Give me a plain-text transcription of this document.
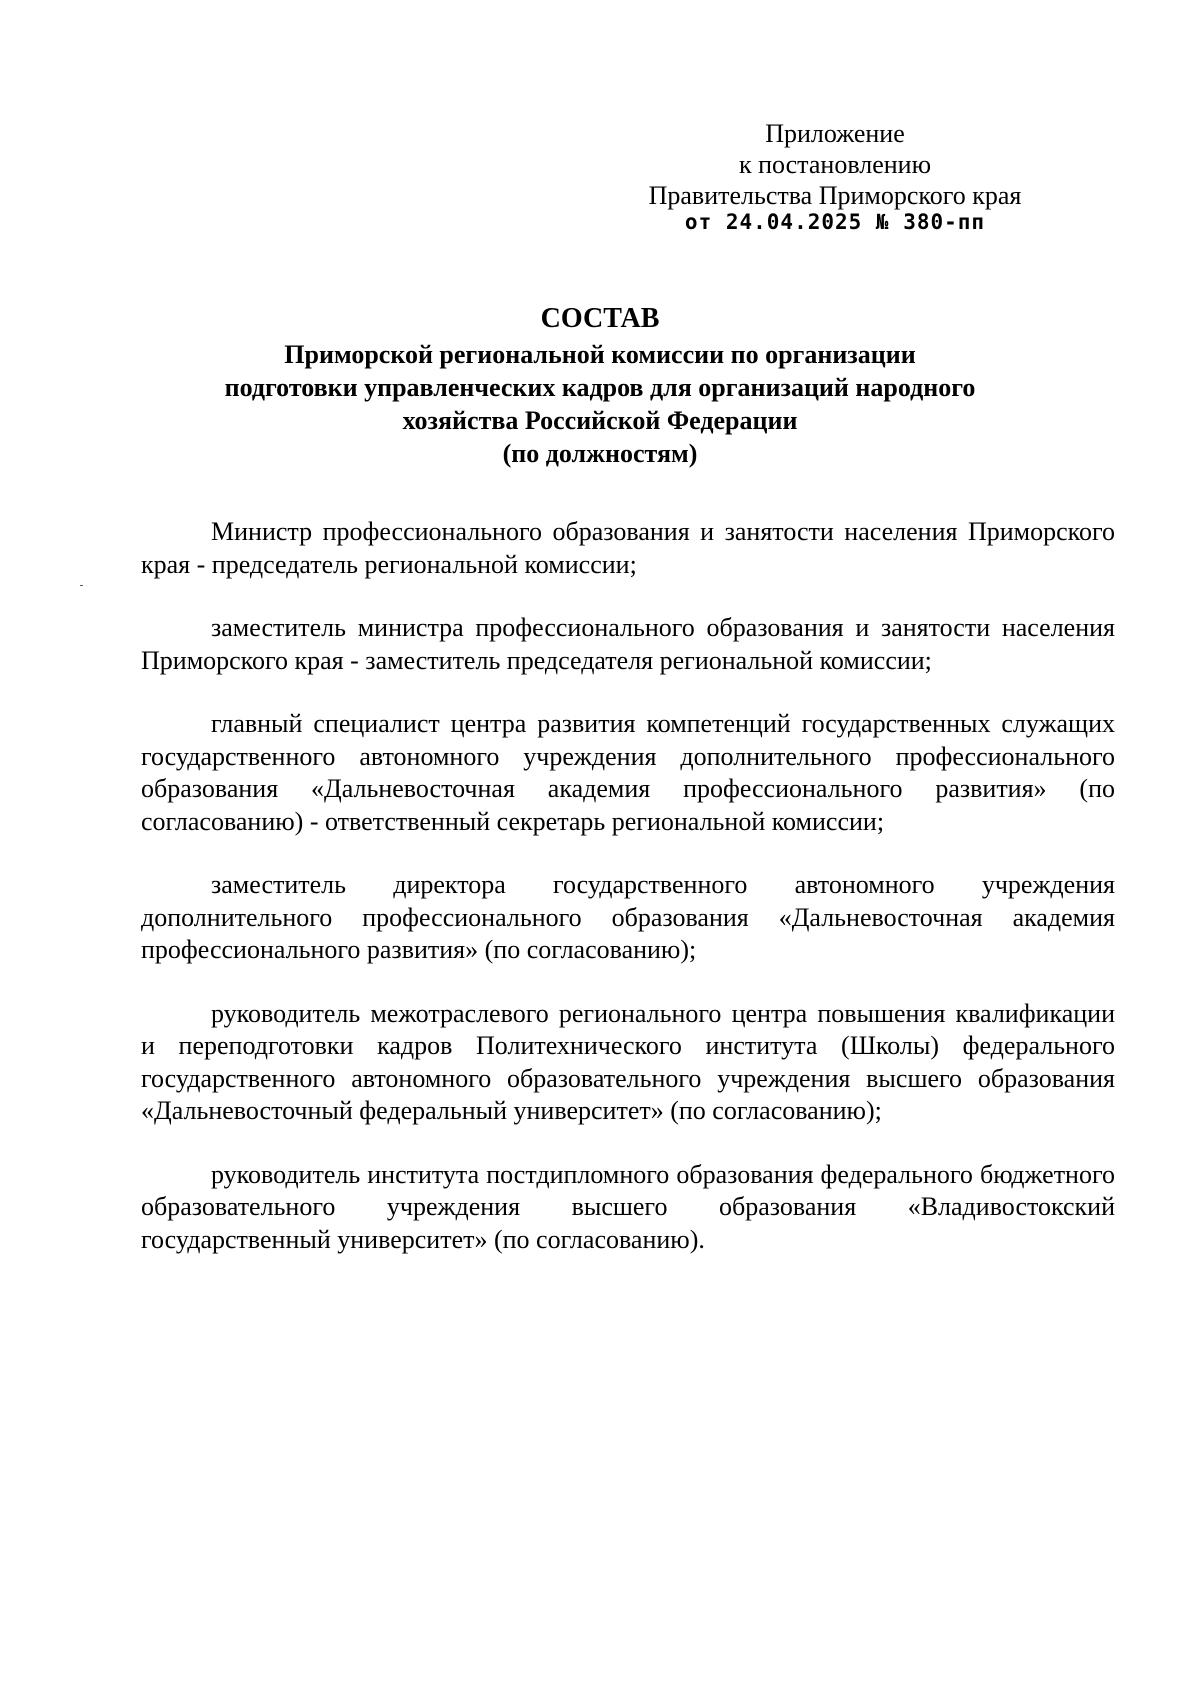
Приложение
к постановлению
Правительства Приморского края
от 24.04.2025 № 380-пп
СОСТАВ
Приморской региональной комиссии по организации
подготовки управленческих кадров для организаций народного
хозяйства Российской Федерации
(по должностям)

Министр профессионального образования и занятости населения Приморского края - председатель региональной комиссии;

заместитель министра профессионального образования и занятости населения Приморского края - заместитель председателя региональной комиссии;

главный специалист центра развития компетенций государственных служащих государственного автономного учреждения дополнительного профессионального образования «Дальневосточная академия профессионального развития» (по согласованию) - ответственный секретарь региональной комиссии;

заместитель директора государственного автономного учреждения дополнительного профессионального образования «Дальневосточная академия профессионального развития» (по согласованию);

руководитель межотраслевого регионального центра повышения квалификации и переподготовки кадров Политехнического института (Школы) федерального государственного автономного образовательного учреждения высшего образования «Дальневосточный федеральный университет» (по согласованию);

руководитель института постдипломного образования федерального бюджетного образовательного учреждения высшего образования «Владивостокский государственный университет» (по согласованию).
